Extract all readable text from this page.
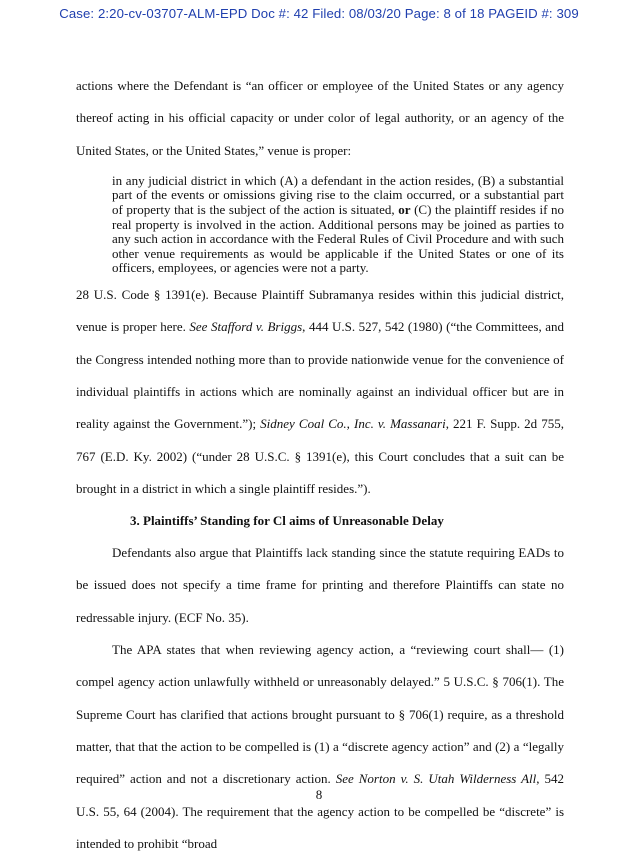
Case: 2:20-cv-03707-ALM-EPD Doc #: 42 Filed: 08/03/20 Page: 8 of 18 PAGEID #: 309

actions where the Defendant is “an officer or employee of the United States or any agency thereof acting in his official capacity or under color of legal authority, or an agency of the United States, or the United States,” venue is proper:

in any judicial district in which (A) a defendant in the action resides, (B) a substantial part of the events or omissions giving rise to the claim occurred, or a substantial part of property that is the subject of the action is situated, or (C) the plaintiff resides if no real property is involved in the action. Additional persons may be joined as parties to any such action in accordance with the Federal Rules of Civil Procedure and with such other venue requirements as would be applicable if the United States or one of its officers, employees, or agencies were not a party.

28 U.S. Code § 1391(e). Because Plaintiff Subramanya resides within this judicial district, venue is proper here. See Stafford v. Briggs, 444 U.S. 527, 542 (1980) (“the Committees, and the Congress intended nothing more than to provide nationwide venue for the convenience of individual plaintiffs in actions which are nominally against an individual officer but are in reality against the Government.”); Sidney Coal Co., Inc. v. Massanari, 221 F. Supp. 2d 755, 767 (E.D. Ky. 2002) (“under 28 U.S.C. § 1391(e), this Court concludes that a suit can be brought in a district in which a single plaintiff resides.”).

3. Plaintiffs’ Standing for Cl aims of Unreasonable Delay

Defendants also argue that Plaintiffs lack standing since the statute requiring EADs to be issued does not specify a time frame for printing and therefore Plaintiffs can state no redressable injury. (ECF No. 35).

The APA states that when reviewing agency action, a “reviewing court shall— (1) compel agency action unlawfully withheld or unreasonably delayed.” 5 U.S.C. § 706(1). The Supreme Court has clarified that actions brought pursuant to § 706(1) require, as a threshold matter, that that the action to be compelled is (1) a “discrete agency action” and (2) a “legally required” action and not a discretionary action. See Norton v. S. Utah Wilderness All, 542 U.S. 55, 64 (2004). The requirement that the agency action to be compelled be “discrete” is intended to prohibit “broad

8
